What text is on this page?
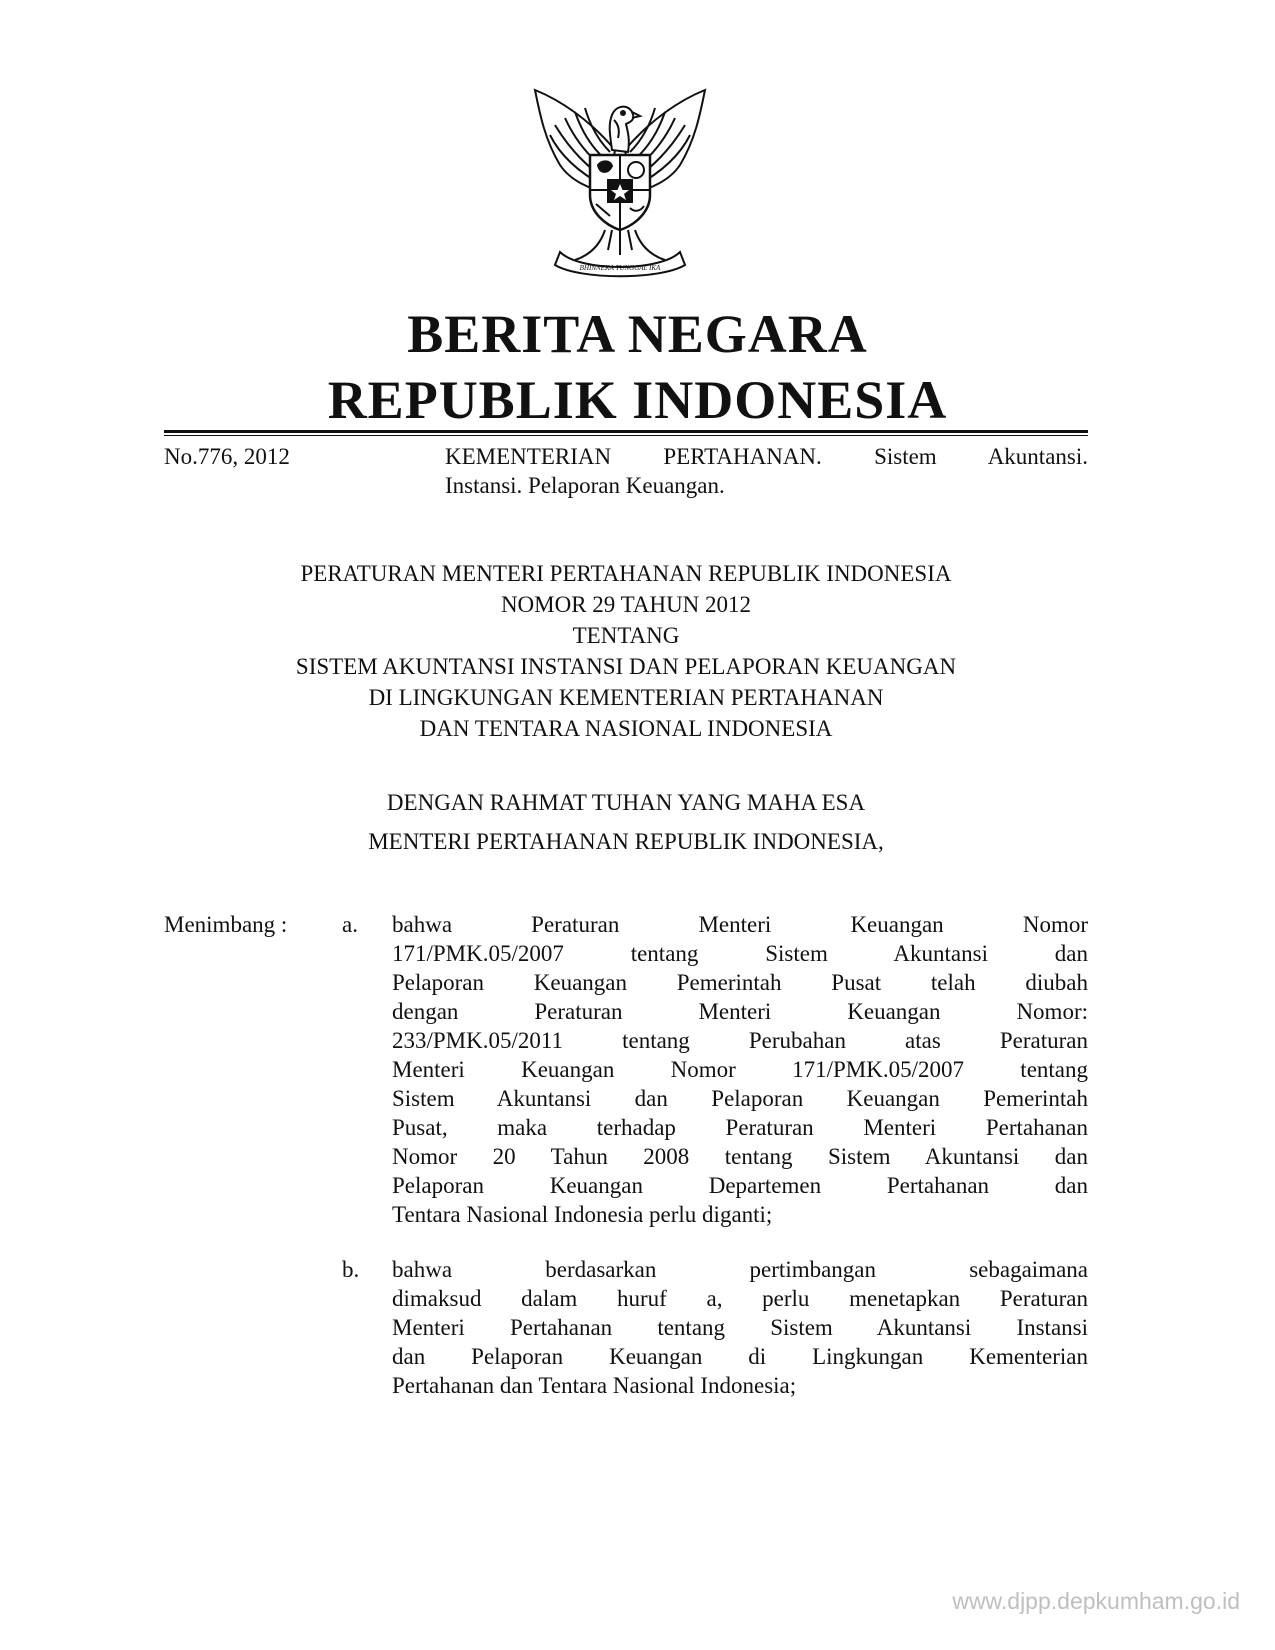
BHINNEKA TUNGGAL IKA
BERITA NEGARA
REPUBLIK INDONESIA
No.776, 2012	KEMENTERIAN PERTAHANAN. Sistem Akuntansi.
Instansi. Pelaporan Keuangan.
PERATURAN MENTERI PERTAHANAN REPUBLIK INDONESIA
NOMOR 29 TAHUN 2012
TENTANG
SISTEM AKUNTANSI INSTANSI DAN PELAPORAN KEUANGAN
DI LINGKUNGAN KEMENTERIAN PERTAHANAN
DAN TENTARA NASIONAL INDONESIA
DENGAN RAHMAT TUHAN YANG MAHA ESA
MENTERI PERTAHANAN REPUBLIK INDONESIA,
Menimbang : a. bahwa Peraturan Menteri Keuangan Nomor
171/PMK.05/2007 tentang Sistem Akuntansi dan
Pelaporan Keuangan Pemerintah Pusat telah diubah
dengan Peraturan Menteri Keuangan Nomor:
233/PMK.05/2011 tentang Perubahan atas Peraturan
Menteri Keuangan Nomor 171/PMK.05/2007 tentang
Sistem Akuntansi dan Pelaporan Keuangan Pemerintah
Pusat, maka terhadap Peraturan Menteri Pertahanan
Nomor 20 Tahun 2008 tentang Sistem Akuntansi dan
Pelaporan Keuangan Departemen Pertahanan dan
Tentara Nasional Indonesia perlu diganti;
b. bahwa berdasarkan pertimbangan sebagaimana
dimaksud dalam huruf a, perlu menetapkan Peraturan
Menteri Pertahanan tentang Sistem Akuntansi Instansi
dan Pelaporan Keuangan di Lingkungan Kementerian
Pertahanan dan Tentara Nasional Indonesia;
www.djpp.depkumham.go.id
